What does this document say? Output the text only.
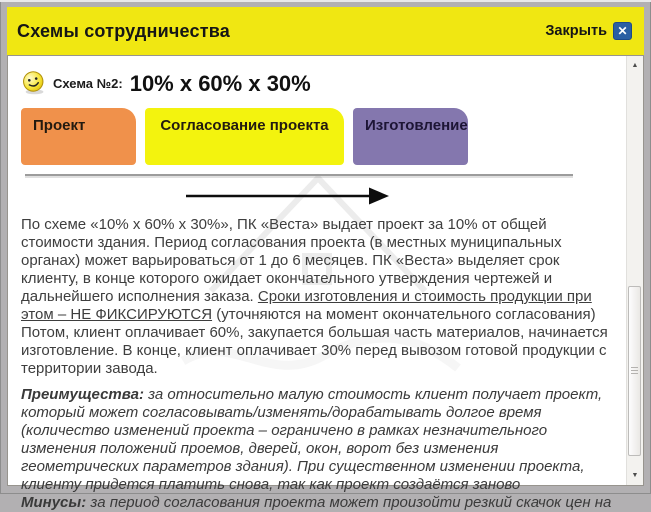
Схемы сотрудничества	Закрыть ✕
Схема №2: 10% x 60% x 30%
Проект	Согласование проекта	Изготовление

По схеме «10% х 60% х 30%», ПК «Веста» выдает проект за 10% от общей стоимости здания. Период согласования проекта (в местных муниципальных органах) может варьироваться от 1 до 6 месяцев. ПК «Веста» выделяет срок клиенту, в конце которого ожидает окончательного утверждения чертежей и дальнейшего исполнения заказа. Сроки изготовления и стоимость продукции при этом – НЕ ФИКСИРУЮТСЯ (уточняются на момент окончательного согласования) Потом, клиент оплачивает 60%, закупается большая часть материалов, начинается изготовление. В конце, клиент оплачивает 30% перед вывозом готовой продукции с территории завода.

Преимущества: за относительно малую стоимость клиент получает проект, который может согласовывать/изменять/дорабатывать долгое время (количество изменений проекта – ограничено в рамках незначительного изменения положений проемов, дверей, окон, ворот без изменения геометрических параметров здания). При существенном изменении проекта, клиенту придется платить снова, так как проект создаётся заново

Минусы: за период согласования проекта может произойти резкий скачок цен на

▲
▼
